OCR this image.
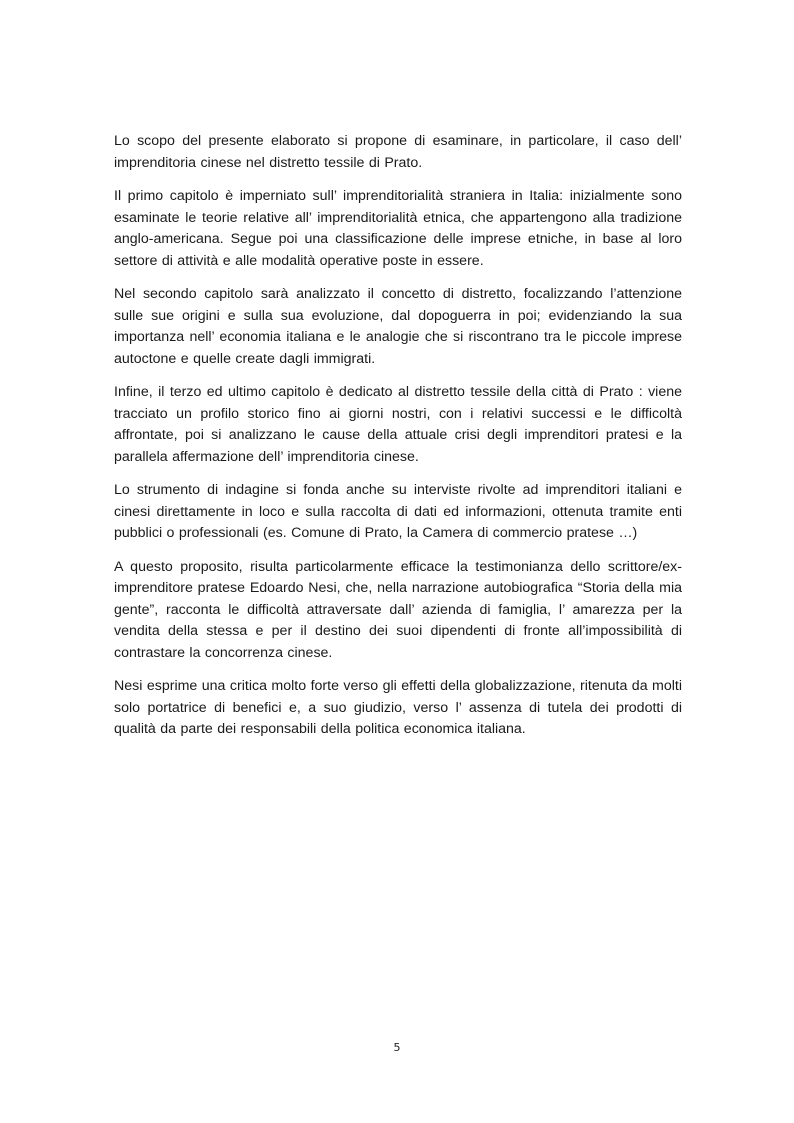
Lo scopo del presente elaborato si propone di esaminare, in particolare, il caso dell’ imprenditoria cinese nel distretto tessile di Prato.

Il primo capitolo è imperniato sull’ imprenditorialità straniera in Italia: inizialmente sono esaminate le teorie relative all’ imprenditorialità etnica, che appartengono alla tradizione anglo-americana. Segue poi una classificazione delle imprese etniche, in base al loro settore di attività e alle modalità operative poste in essere.

Nel secondo capitolo sarà analizzato il concetto di distretto, focalizzando l’attenzione sulle sue origini e sulla sua evoluzione, dal dopoguerra in poi; evidenziando la sua importanza nell’ economia italiana e le analogie che si riscontrano tra le piccole imprese autoctone e quelle create dagli immigrati.

Infine, il terzo ed ultimo capitolo è dedicato al distretto tessile della città di Prato : viene tracciato un profilo storico fino ai giorni nostri, con i relativi successi e le difficoltà affrontate, poi si analizzano le cause della attuale crisi degli imprenditori pratesi e la parallela affermazione dell’ imprenditoria cinese.

Lo strumento di indagine si fonda anche su interviste rivolte ad imprenditori italiani e cinesi direttamente in loco e sulla raccolta di dati ed informazioni, ottenuta tramite enti pubblici o professionali (es. Comune di Prato, la Camera di commercio pratese …)

A questo proposito, risulta particolarmente efficace la testimonianza dello scrittore/ex-imprenditore pratese Edoardo Nesi, che, nella narrazione autobiografica “Storia della mia gente”, racconta le difficoltà attraversate dall’ azienda di famiglia, l’ amarezza per la vendita della stessa e per il destino dei suoi dipendenti di fronte all’impossibilità di contrastare la concorrenza cinese.

Nesi esprime una critica molto forte verso gli effetti della globalizzazione, ritenuta da molti solo portatrice di benefici e, a suo giudizio, verso l’ assenza di tutela dei prodotti di qualità da parte dei responsabili della politica economica italiana.

5
